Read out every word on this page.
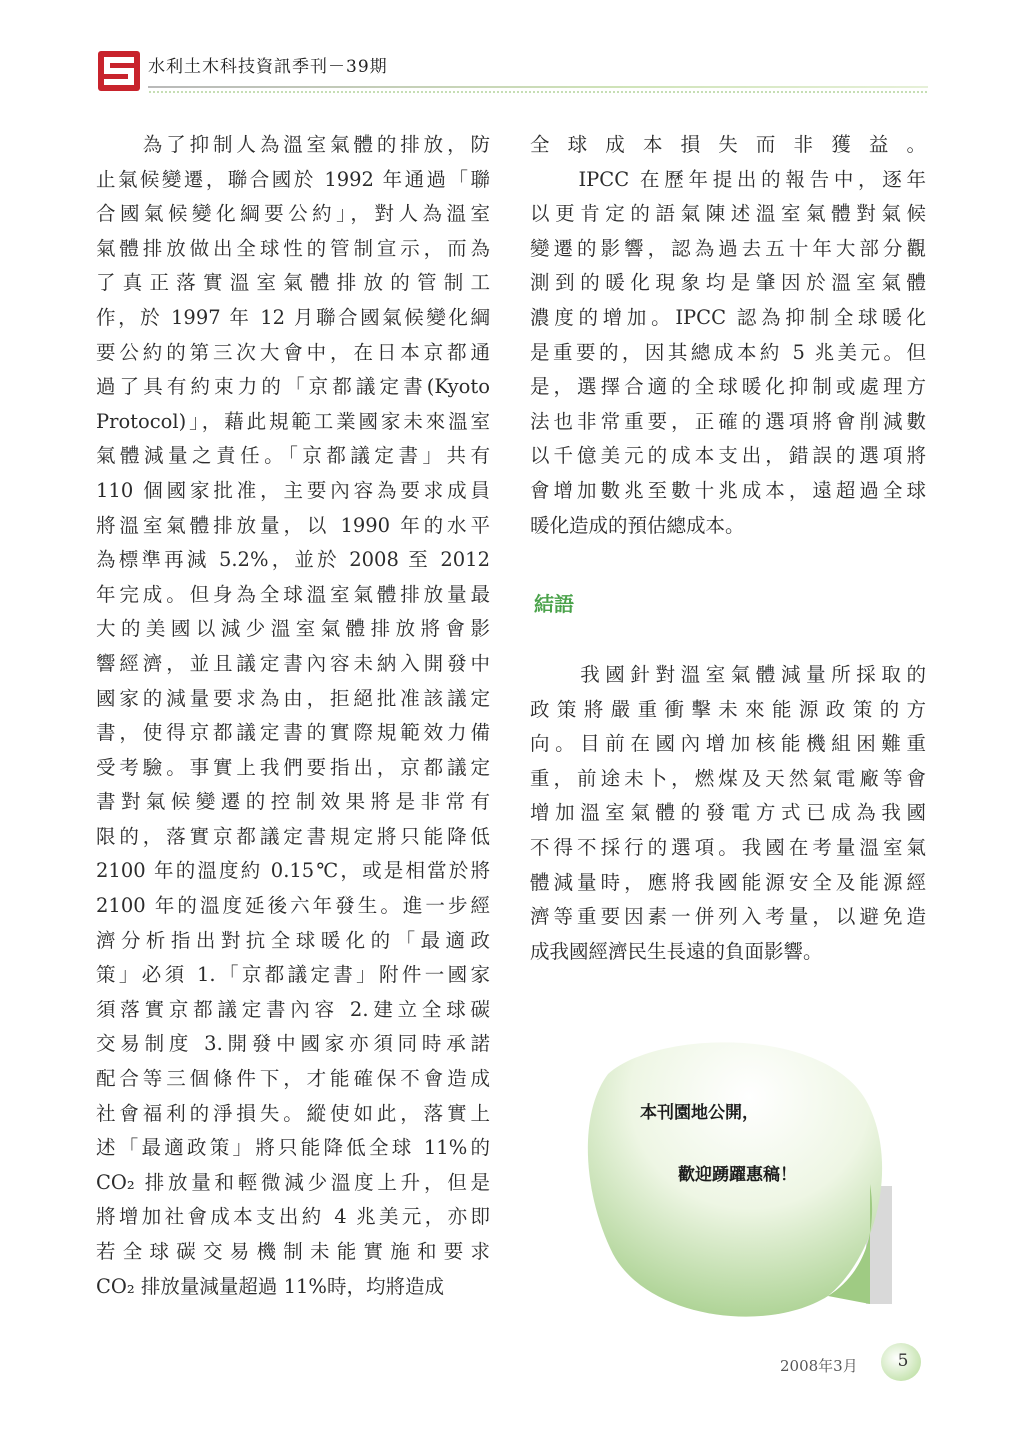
水利土木科技資訊季刊－39期

　　為了抑制人為溫室氣體的排放，防

止氣候變遷，聯合國於 1992 年通過「聯

合國氣候變化綱要公約」，對人為溫室

氣體排放做出全球性的管制宣示，而為

了真正落實溫室氣體排放的管制工

作，於 1997 年 12 月聯合國氣候變化綱

要公約的第三次大會中，在日本京都通

過了具有約束力的「京都議定書(Kyoto

Protocol)」，藉此規範工業國家未來溫室

氣體減量之責任。「京都議定書」共有

110 個國家批准，主要內容為要求成員

將溫室氣體排放量，以 1990 年的水平

為標準再減 5.2%，並於 2008 至 2012

年完成。但身為全球溫室氣體排放量最

大的美國以減少溫室氣體排放將會影

響經濟，並且議定書內容未納入開發中

國家的減量要求為由，拒絕批准該議定

書，使得京都議定書的實際規範效力備

受考驗。事實上我們要指出，京都議定

書對氣候變遷的控制效果將是非常有

限的，落實京都議定書規定將只能降低

2100 年的溫度約 0.15℃，或是相當於將

2100 年的溫度延後六年發生。進一步經

濟分析指出對抗全球暖化的「最適政

策」必須 1.「京都議定書」附件一國家

須落實京都議定書內容 2.建立全球碳

交易制度 3.開發中國家亦須同時承諾

配合等三個條件下，才能確保不會造成

社會福利的淨損失。縱使如此，落實上

述「最適政策」將只能降低全球 11%的

CO₂ 排放量和輕微減少溫度上升，但是

將增加社會成本支出約 4 兆美元，亦即

若全球碳交易機制未能實施和要求

CO₂ 排放量減量超過 11%時，均將造成

全球成本損失而非獲益。

　　IPCC 在歷年提出的報告中，逐年

以更肯定的語氣陳述溫室氣體對氣候

變遷的影響，認為過去五十年大部分觀

測到的暖化現象均是肇因於溫室氣體

濃度的增加。IPCC 認為抑制全球暖化

是重要的，因其總成本約 5 兆美元。但

是，選擇合適的全球暖化抑制或處理方

法也非常重要，正確的選項將會削減數

以千億美元的成本支出，錯誤的選項將

會增加數兆至數十兆成本，遠超過全球

暖化造成的預估總成本。

結語

　　我國針對溫室氣體減量所採取的

政策將嚴重衝擊未來能源政策的方

向。目前在國內增加核能機組困難重

重，前途未卜，燃煤及天然氣電廠等會

增加溫室氣體的發電方式已成為我國

不得不採行的選項。我國在考量溫室氣

體減量時，應將我國能源安全及能源經

濟等重要因素一併列入考量，以避免造

成我國經濟民生長遠的負面影響。

本刊園地公開，
歡迎踴躍惠稿！
2008年3月	5
